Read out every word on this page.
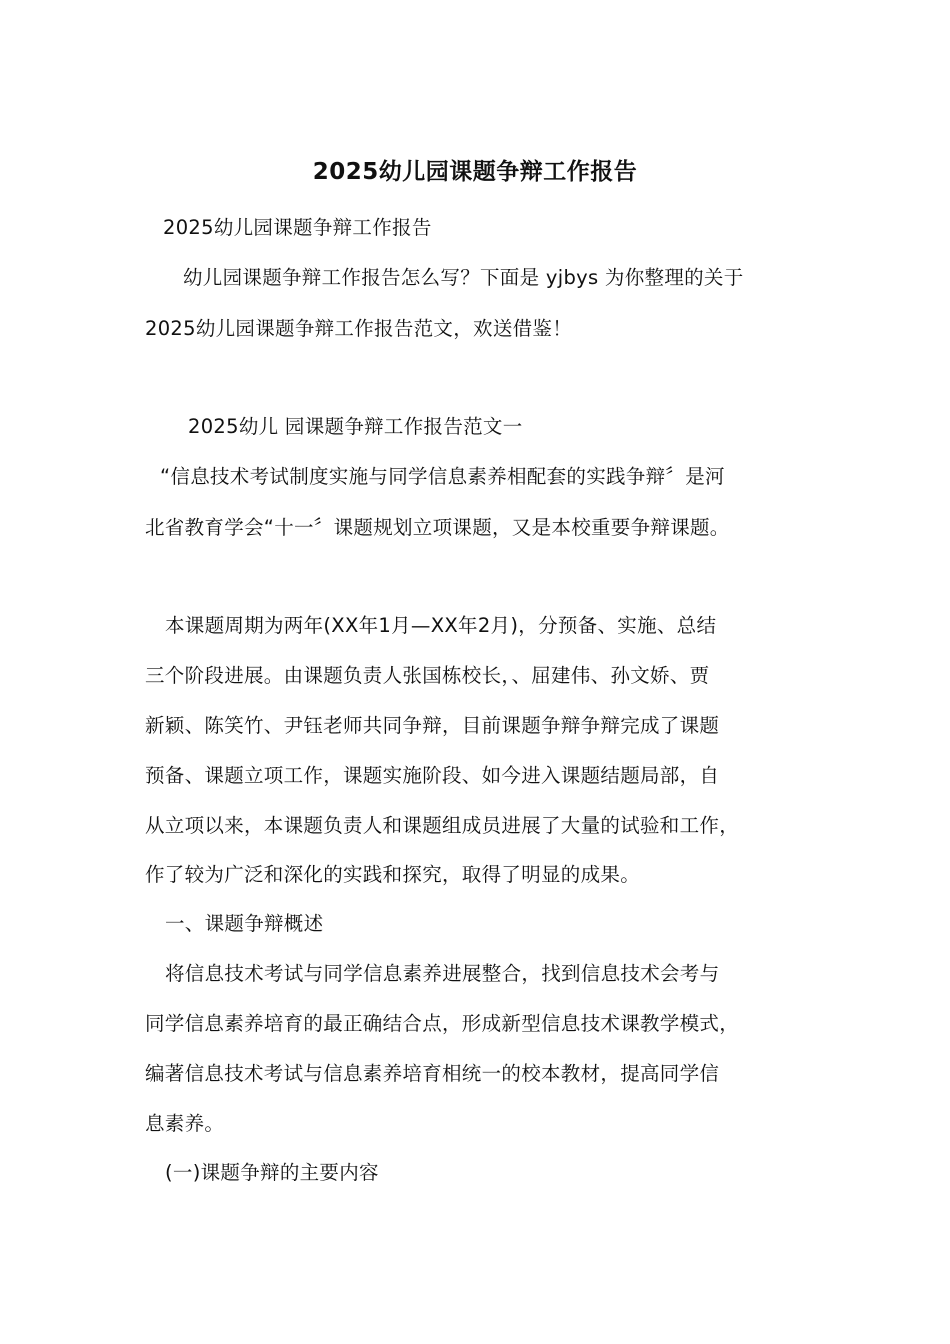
2025幼儿园课题争辩工作报告
2025幼儿园课题争辩工作报告
幼儿园课题争辩工作报告怎么写？下面是 yjbys 为你整理的关于
2025幼儿园课题争辩工作报告范文，欢送借鉴！
2025幼儿 园课题争辩工作报告范文一
“信息技术考试制度实施与同学信息素养相配套的实践争辩〞是河
北省教育学会“十一〞课题规划立项课题，又是本校重要争辩课题。
本课题周期为两年(XX年1月—XX年2月)，分预备、实施、总结
三个阶段进展。由课题负责人张国栋校长，、屈建伟、孙文娇、贾
新颖、陈笑竹、尹钰老师共同争辩，目前课题争辩争辩完成了课题
预备、课题立项工作，课题实施阶段、如今进入课题结题局部，自
从立项以来，本课题负责人和课题组成员进展了大量的试验和工作，
作了较为广泛和深化的实践和探究，取得了明显的成果。
一、课题争辩概述
将信息技术考试与同学信息素养进展整合，找到信息技术会考与
同学信息素养培育的最正确结合点，形成新型信息技术课教学模式，
编著信息技术考试与信息素养培育相统一的校本教材，提高同学信
息素养。
(一)课题争辩的主要内容
